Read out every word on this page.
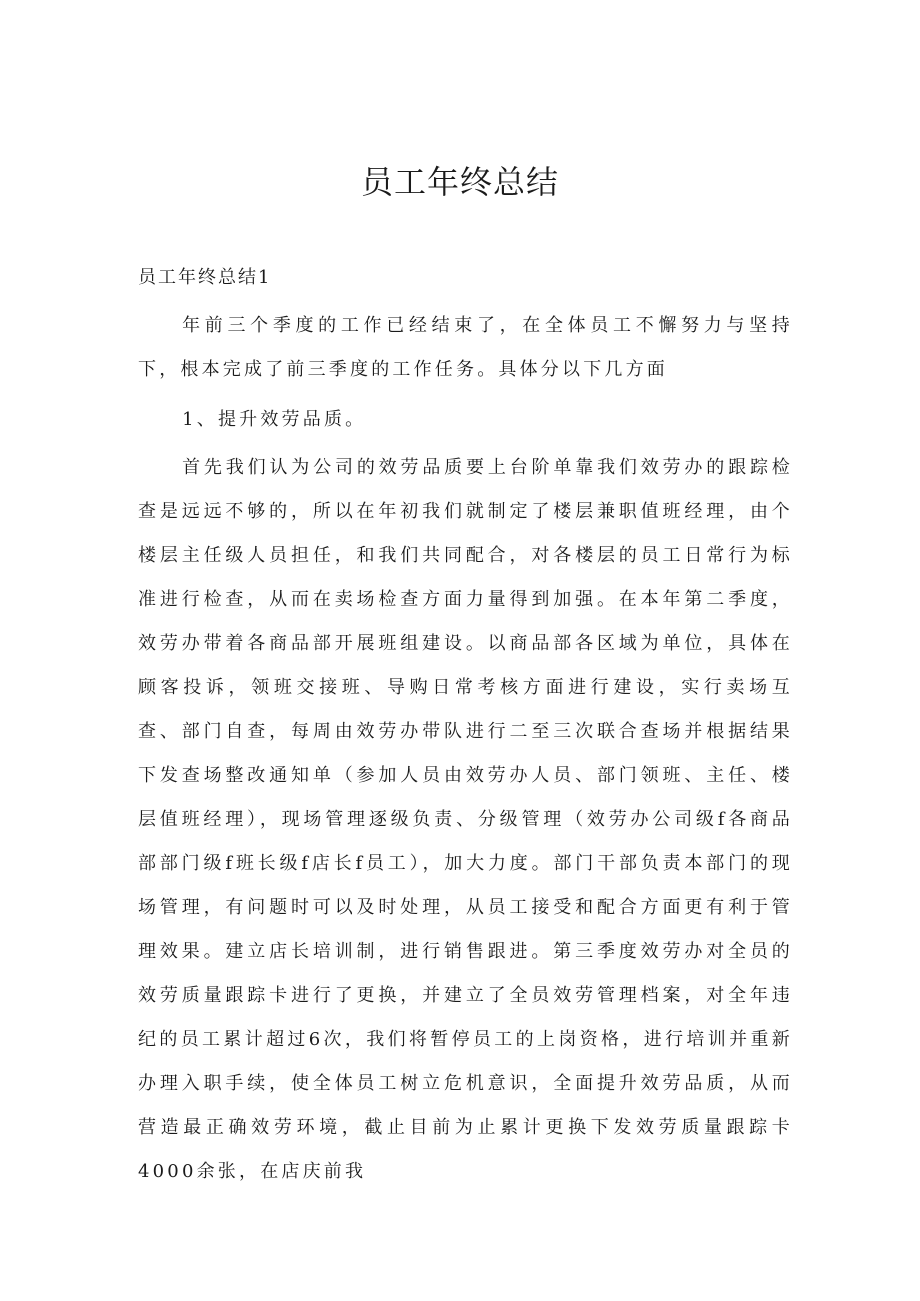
员工年终总结

员工年终总结1

年前三个季度的工作已经结束了，在全体员工不懈努力与坚持下，根本完成了前三季度的工作任务。具体分以下几方面

1、提升效劳品质。

首先我们认为公司的效劳品质要上台阶单靠我们效劳办的跟踪检查是远远不够的，所以在年初我们就制定了楼层兼职值班经理，由个楼层主任级人员担任，和我们共同配合，对各楼层的员工日常行为标准进行检查，从而在卖场检查方面力量得到加强。在本年第二季度，效劳办带着各商品部开展班组建设。以商品部各区域为单位，具体在顾客投诉，领班交接班、导购日常考核方面进行建设，实行卖场互查、部门自查，每周由效劳办带队进行二至三次联合查场并根据结果下发查场整改通知单（参加人员由效劳办人员、部门领班、主任、楼层值班经理），现场管理逐级负责、分级管理（效劳办公司级f各商品部部门级f班长级f店长f员工），加大力度。部门干部负责本部门的现场管理，有问题时可以及时处理，从员工接受和配合方面更有利于管理效果。建立店长培训制，进行销售跟进。第三季度效劳办对全员的效劳质量跟踪卡进行了更换，并建立了全员效劳管理档案，对全年违纪的员工累计超过6次，我们将暂停员工的上岗资格，进行培训并重新办理入职手续，使全体员工树立危机意识，全面提升效劳品质，从而营造最正确效劳环境，截止目前为止累计更换下发效劳质量跟踪卡4000余张，在店庆前我
